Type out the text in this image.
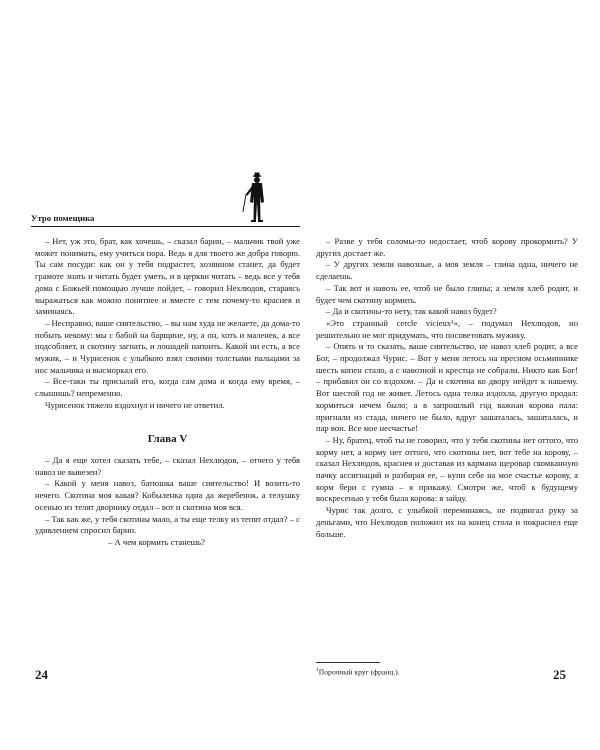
Утро помещика

– Нет, уж это, брат, как хочешь, – сказал барин, – мальчик твой уже может понимать, ему учиться пора. Ведь я для твоего же добра говорю. Ты сам посуди: как он у тебя подрастет, хозяином станет, да будет грамоте знать и читать будет уметь, и в церкви читать – ведь все у тебя дома с Божьей помощью лучше пойдет, – говорил Нехлюдов, стараясь выражаться как можно понятнее и вместе с тем почему-то краснея и заминаясь.

– Несправно, ваше сиятельство, – вы нам худа не желаете, да дома-то побыть некому: мы с бабой на барщине, ну, а он, хоть и маленек, а все подсобляет, и скотину загнать, и лошадей напоить. Какой ни есть, а все мужик, – и Чурисенок с улыбкою взял своими толстыми пальцами за нос мальчика и высморкал его.

– Все-таки ты присылай его, когда сам дома и когда ему время, – слышишь? непременно.

Чурисенок тяжело вздохнул и ничего не ответил.

Глава V

– Да я еще хотел сказать тебе, – сказал Нехлюдов, – отчего у тебя навоз не вывезен?

– Какой у меня навоз, батюшка ваше сиятельство! И возить-то нечего. Скотина моя какая? Кобыленка одна да жеребенок, а телушку осенью из телят дворнику отдал – вот и скотина моя вся.

– Так как же, у тебя скотины мало, а ты еще телку из тепят отдал? – с удивлением спросил барин.

– А чем кормить станешь?

24

– Разве у тебя соломы-то недостает, чтоб корову прокормить? У других достает же.

– У других земли навозные, а моя земля – глина одна, ничего не сделаешь.

– Так вот и навозь ее, чтоб не было глины; а земля хлеб родит, и будет чем скотину кормить.

– Да и скотины-то нету, так какой навоз будет?

«Это странный cercle vicieux¹», – подумал Нехлюдов, но решительно не мог придумать, что посоветовать мужику.

– Опять и то сказать, ваше сиятельство, не навоз хлеб родит, а все Бог, – продолжал Чурис. – Вот у меня летось на пресном осьминнике шесть копен стало, а с навозной и крестца не собрали. Никто как Бог! – прибавил он со вздохом. – Да и скотина ко двору нейдет к нашему. Вот шестой год не живет. Летось одна телка издохла, другую продал: кормиться нечем было; а в запрошлый год важная корова пала: пригнали из стада, ничего не было, вдруг зашаталась, зашаталась, и пар вон. Все мое несчастье!

– Ну, братец, чтоб ты не говорил, что у тебя скотины нет оттого, что корму нет, а корму нет оттого, что скотины нет, вот тебе на корову, – сказал Нехлюдов, краснея и доставая из кармана щеровар скомканную пачку ассигнаций и разбирая ее, – купи себе на мое счастье корову, а корм бери с гумна – я прикажу. Смотри же, чтоб к будущему воскресенью у тебя была корова: я зайду.

Чурис так долго, с улыбкой переминаясь, не подвигал руку за деньгами, что Нехлюдов положил их на конец стола и покраснел еще больше.

$^1$Порочный круг (франц.).	25
